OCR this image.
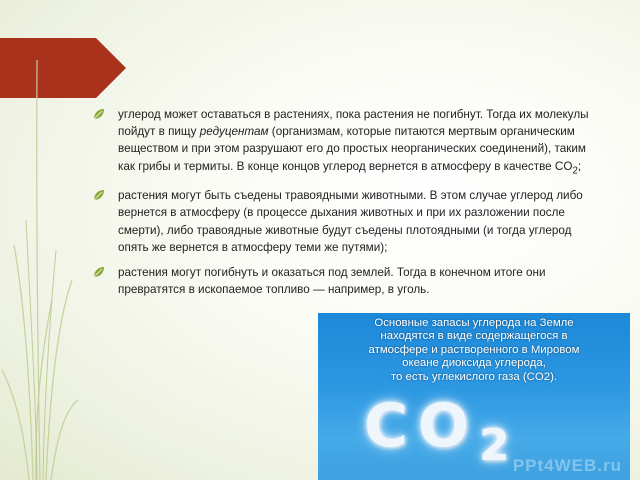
углерод может оставаться в растениях, пока растения не погибнут. Тогда их молекулы пойдут в пищу редуцентам (организмам, которые питаются мертвым органическим веществом и при этом разрушают его до простых неорганических соединений), таким как грибы и термиты. В конце концов углерод вернется в атмосферу в качестве $CO_2$;
растения могут быть съедены травоядными животными. В этом случае углерод либо вернется в атмосферу (в процессе дыхания животных и при их разложении после смерти), либо травоядные животные будут съедены плотоядными (и тогда углерод опять же вернется в атмосферу теми же путями);
растения могут погибнуть и оказаться под землей. Тогда в конечном итоге они превратятся в ископаемое топливо — например, в уголь.
Основные запасы углерода на Земле
находятся в виде содержащегося в
атмосфере и растворенного в Мировом
океане диоксида углерода,
то есть углекислого газа (CO2).
$CO_2$ PPt4WEB.ru
